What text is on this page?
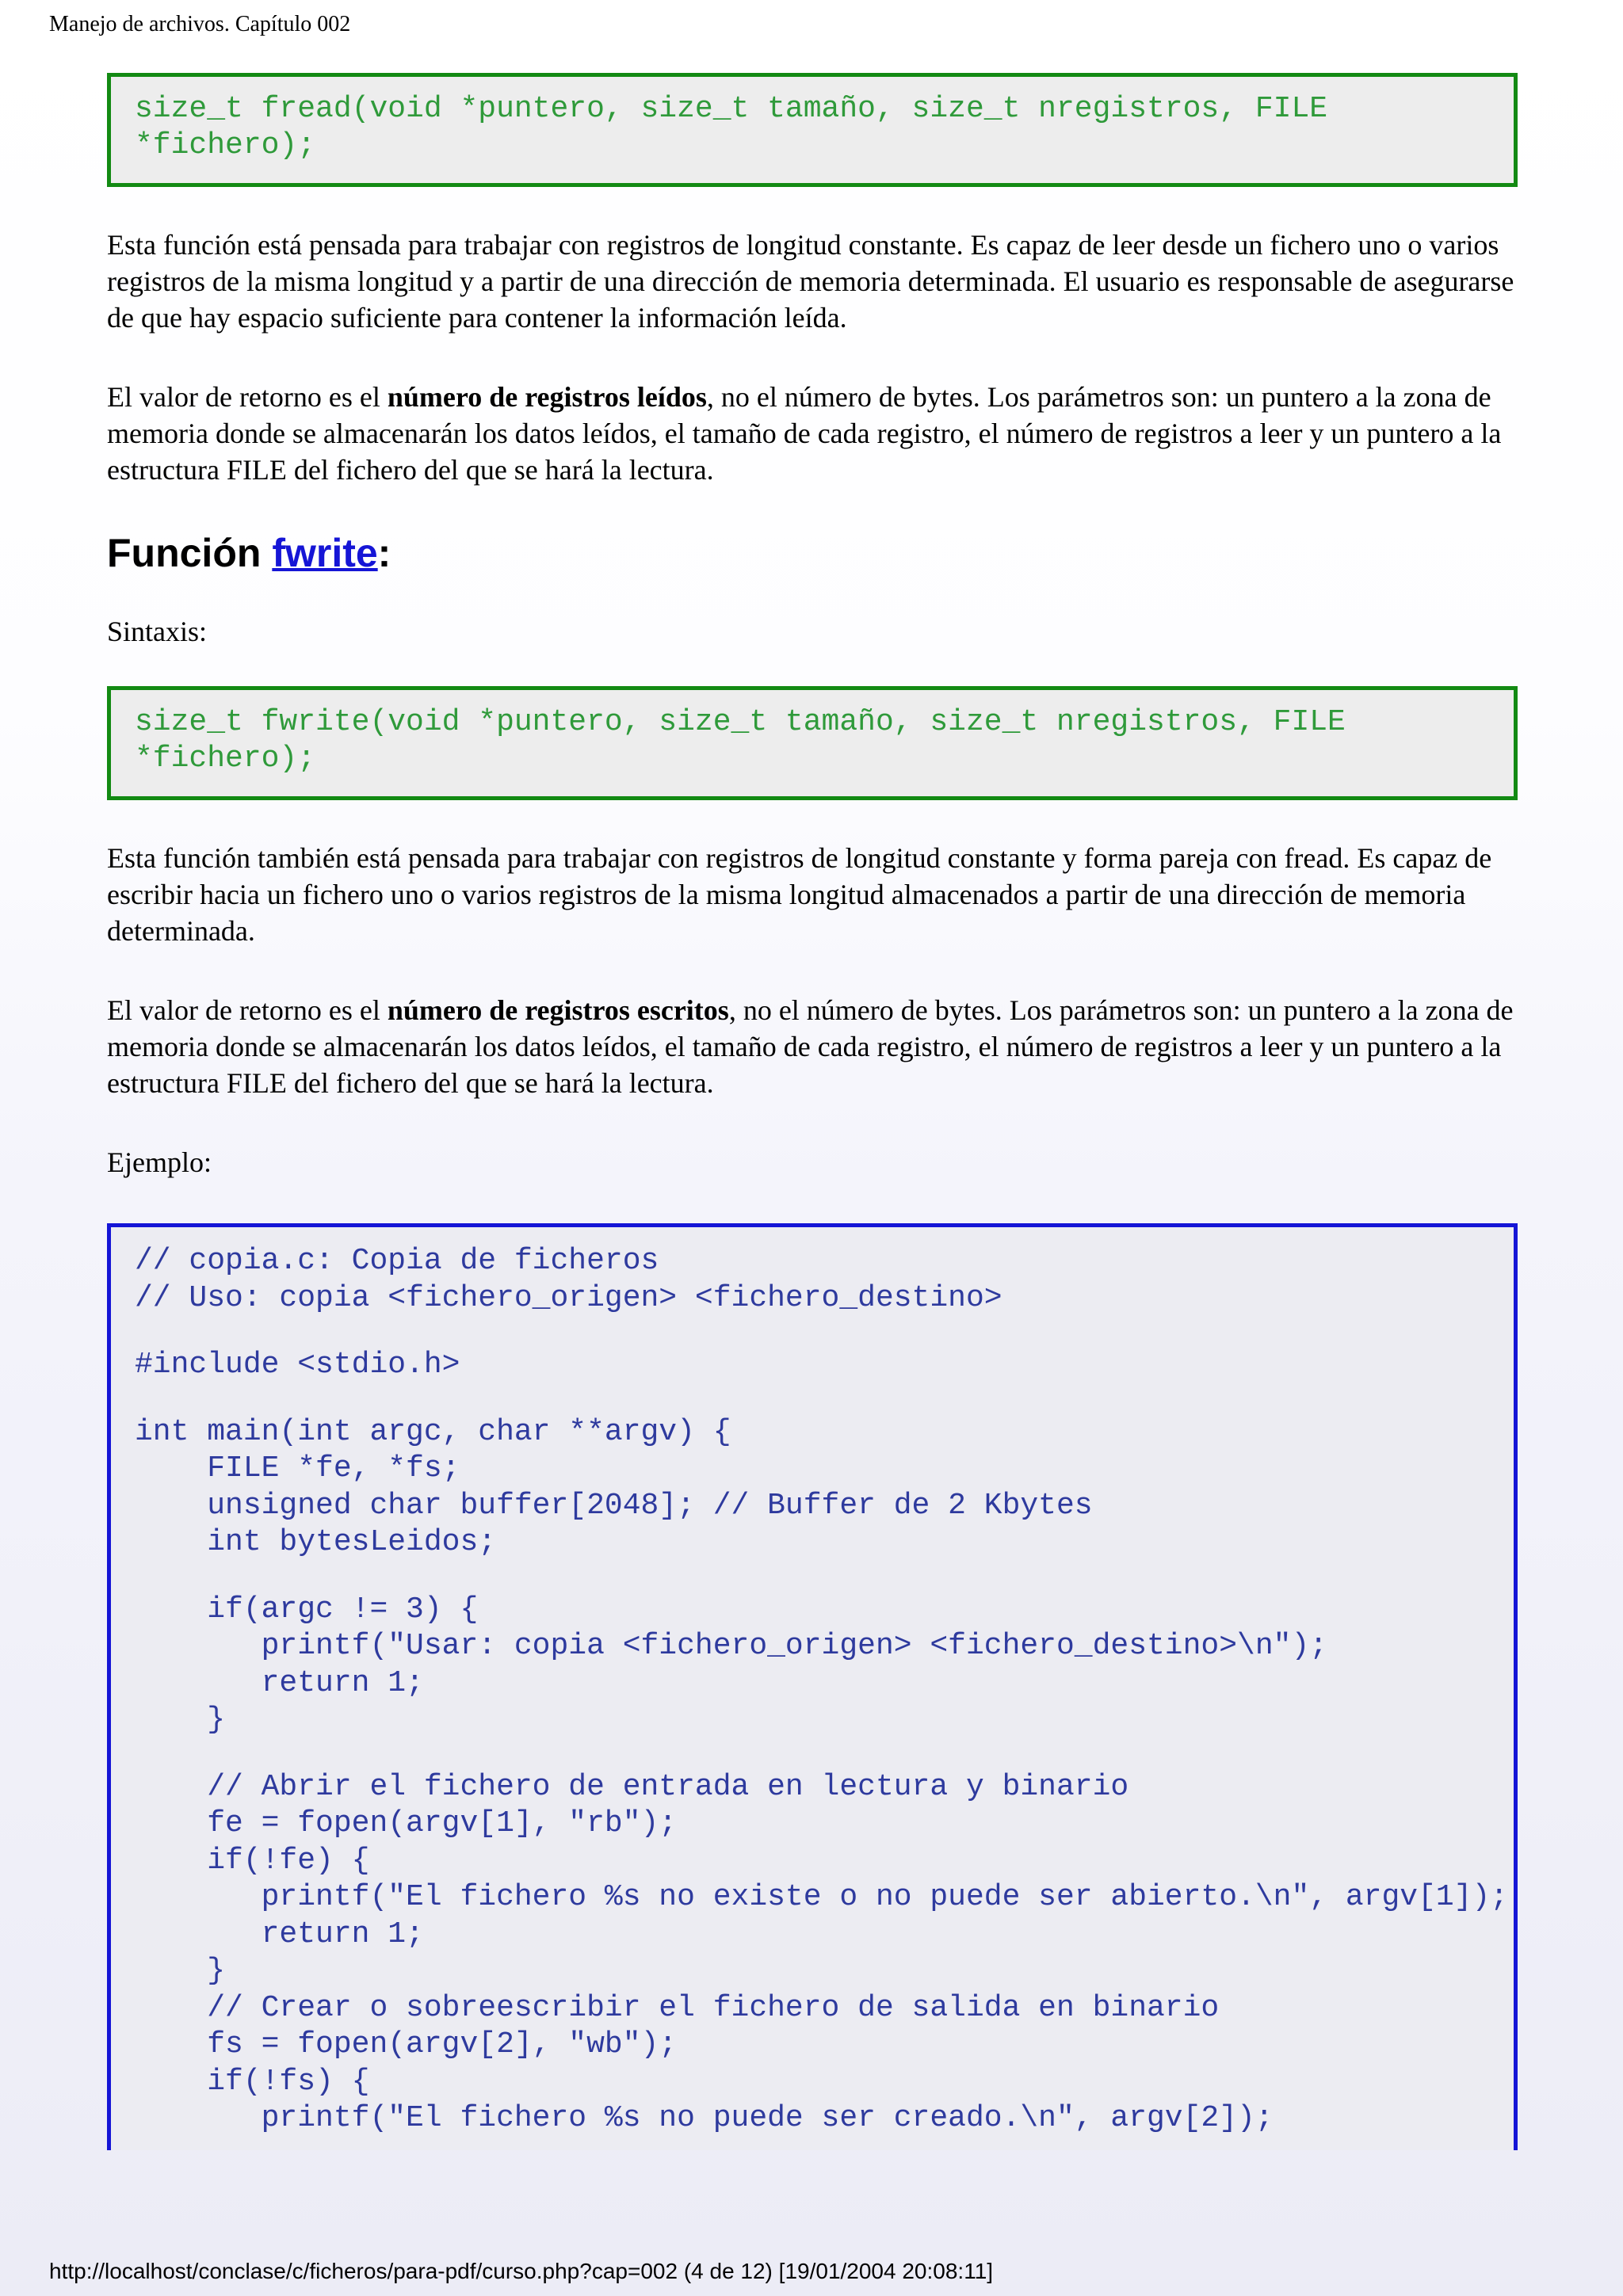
Manejo de archivos. Capítulo 002
size_t fread(void *puntero, size_t tamaño, size_t nregistros, FILE
*fichero);

Esta función está pensada para trabajar con registros de longitud constante. Es capaz de leer desde un fichero uno o varios registros de la misma longitud y a partir de una dirección de memoria determinada. El usuario es responsable de asegurarse de que hay espacio suficiente para contener la información leída.

El valor de retorno es el número de registros leídos, no el número de bytes. Los parámetros son: un puntero a la zona de memoria donde se almacenarán los datos leídos, el tamaño de cada registro, el número de registros a leer y un puntero a la estructura FILE del fichero del que se hará la lectura.

Función fwrite:

Sintaxis:

size_t fwrite(void *puntero, size_t tamaño, size_t nregistros, FILE
*fichero);

Esta función también está pensada para trabajar con registros de longitud constante y forma pareja con fread. Es capaz de escribir hacia un fichero uno o varios registros de la misma longitud almacenados a partir de una dirección de memoria determinada.

El valor de retorno es el número de registros escritos, no el número de bytes. Los parámetros son: un puntero a la zona de memoria donde se almacenarán los datos leídos, el tamaño de cada registro, el número de registros a leer y un puntero a la estructura FILE del fichero del que se hará la lectura.

Ejemplo:

// copia.c: Copia de ficheros
// Uso: copia <fichero_origen> <fichero_destino>
#include <stdio.h>
int main(int argc, char **argv) {
FILE *fe, *fs;
unsigned char buffer[2048]; // Buffer de 2 Kbytes
int bytesLeidos;
if(argc != 3) {
printf("Usar: copia <fichero_origen> <fichero_destino>\n");
return 1;
}
// Abrir el fichero de entrada en lectura y binario
fe = fopen(argv[1], "rb");
if(!fe) {
printf("El fichero %s no existe o no puede ser abierto.\n", argv[1]);
return 1;
}
// Crear o sobreescribir el fichero de salida en binario
fs = fopen(argv[2], "wb");
if(!fs) {
printf("El fichero %s no puede ser creado.\n", argv[2]);
http://localhost/conclase/c/ficheros/para-pdf/curso.php?cap=002 (4 de 12) [19/01/2004 20:08:11]
